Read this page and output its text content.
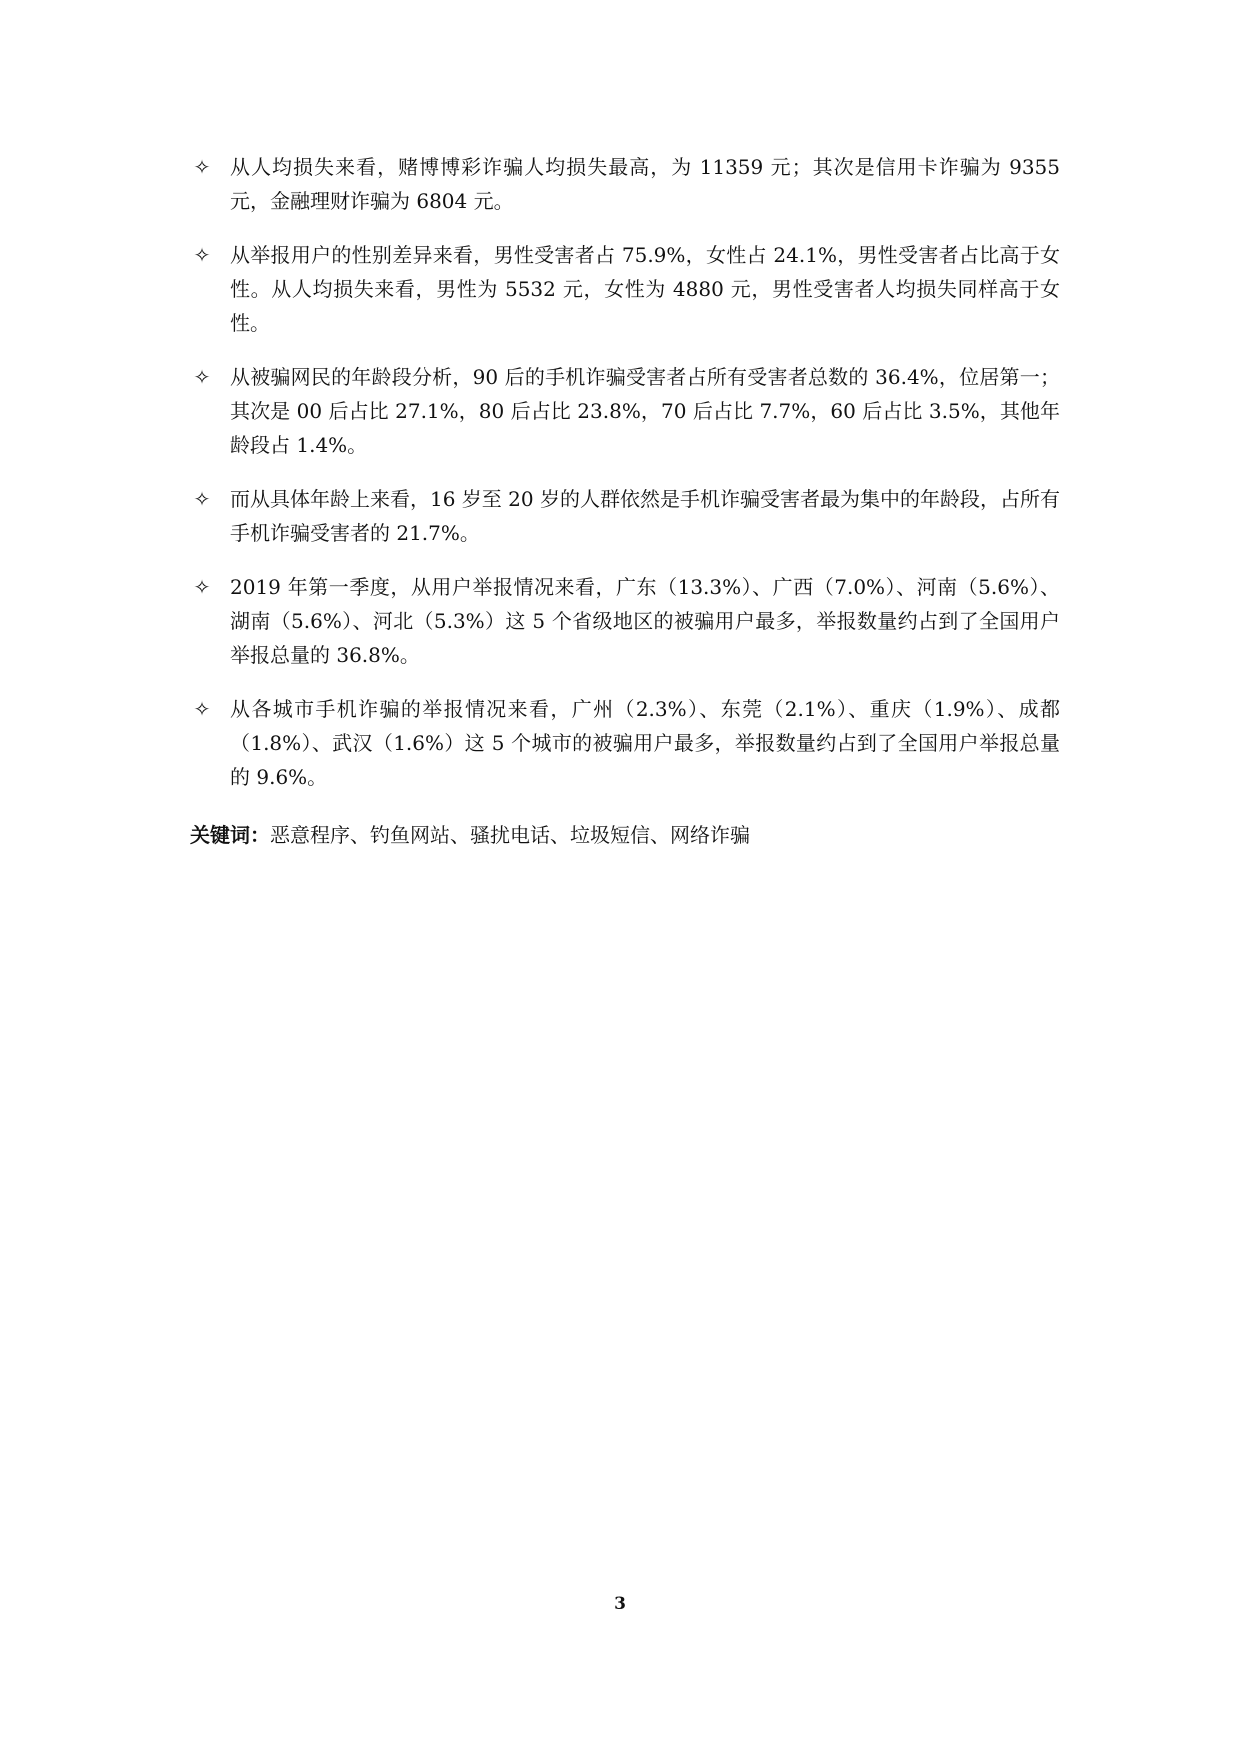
✧ 从人均损失来看，赌博博彩诈骗人均损失最高，为 11359 元；其次是信用卡诈骗为 9355 元，金融理财诈骗为 6804 元。
✧ 从举报用户的性别差异来看，男性受害者占 75.9%，女性占 24.1%，男性受害者占比高于女性。从人均损失来看，男性为 5532 元，女性为 4880 元，男性受害者人均损失同样高于女性。
✧ 从被骗网民的年龄段分析，90 后的手机诈骗受害者占所有受害者总数的 36.4%，位居第一；其次是 00 后占比 27.1%，80 后占比 23.8%，70 后占比 7.7%，60 后占比 3.5%，其他年龄段占 1.4%。
✧ 而从具体年龄上来看，16 岁至 20 岁的人群依然是手机诈骗受害者最为集中的年龄段，占所有手机诈骗受害者的 21.7%。
✧ 2019 年第一季度，从用户举报情况来看，广东（13.3%）、广西（7.0%）、河南（5.6%）、湖南（5.6%）、河北（5.3%）这 5 个省级地区的被骗用户最多，举报数量约占到了全国用户举报总量的 36.8%。
✧ 从各城市手机诈骗的举报情况来看，广州（2.3%）、东莞（2.1%）、重庆（1.9%）、成都（1.8%）、武汉（1.6%）这 5 个城市的被骗用户最多，举报数量约占到了全国用户举报总量的 9.6%。
关键词：恶意程序、钓鱼网站、骚扰电话、垃圾短信、网络诈骗
3
